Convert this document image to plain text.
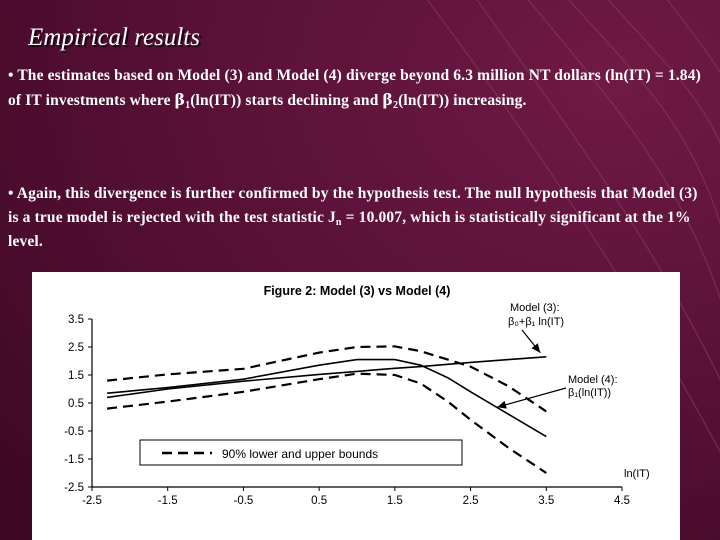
Empirical results
• The estimates based on Model (3) and Model (4) diverge beyond 6.3 million NT dollars (ln(IT) = 1.84) of IT investments where $\beta_1(\ln(IT))$ starts declining and $\beta_2(\ln(IT))$ increasing.
• Again, this divergence is further confirmed by the hypothesis test. The null hypothesis that Model (3) is a true model is rejected with the test statistic $J_n = 10.007$, which is statistically significant at the 1% level.
Figure 2: Model (3) vs Model (4)
3.5
2.5
1.5
0.5
-0.5
-1.5
-2.5
-2.5	-1.5	-0.5	0.5	1.5	2.5	3.5	4.5
Model (3):
β₀+β₁ ln(IT)
Model (4):
β₁(ln(IT))
90% lower and upper bounds
ln(IT)
